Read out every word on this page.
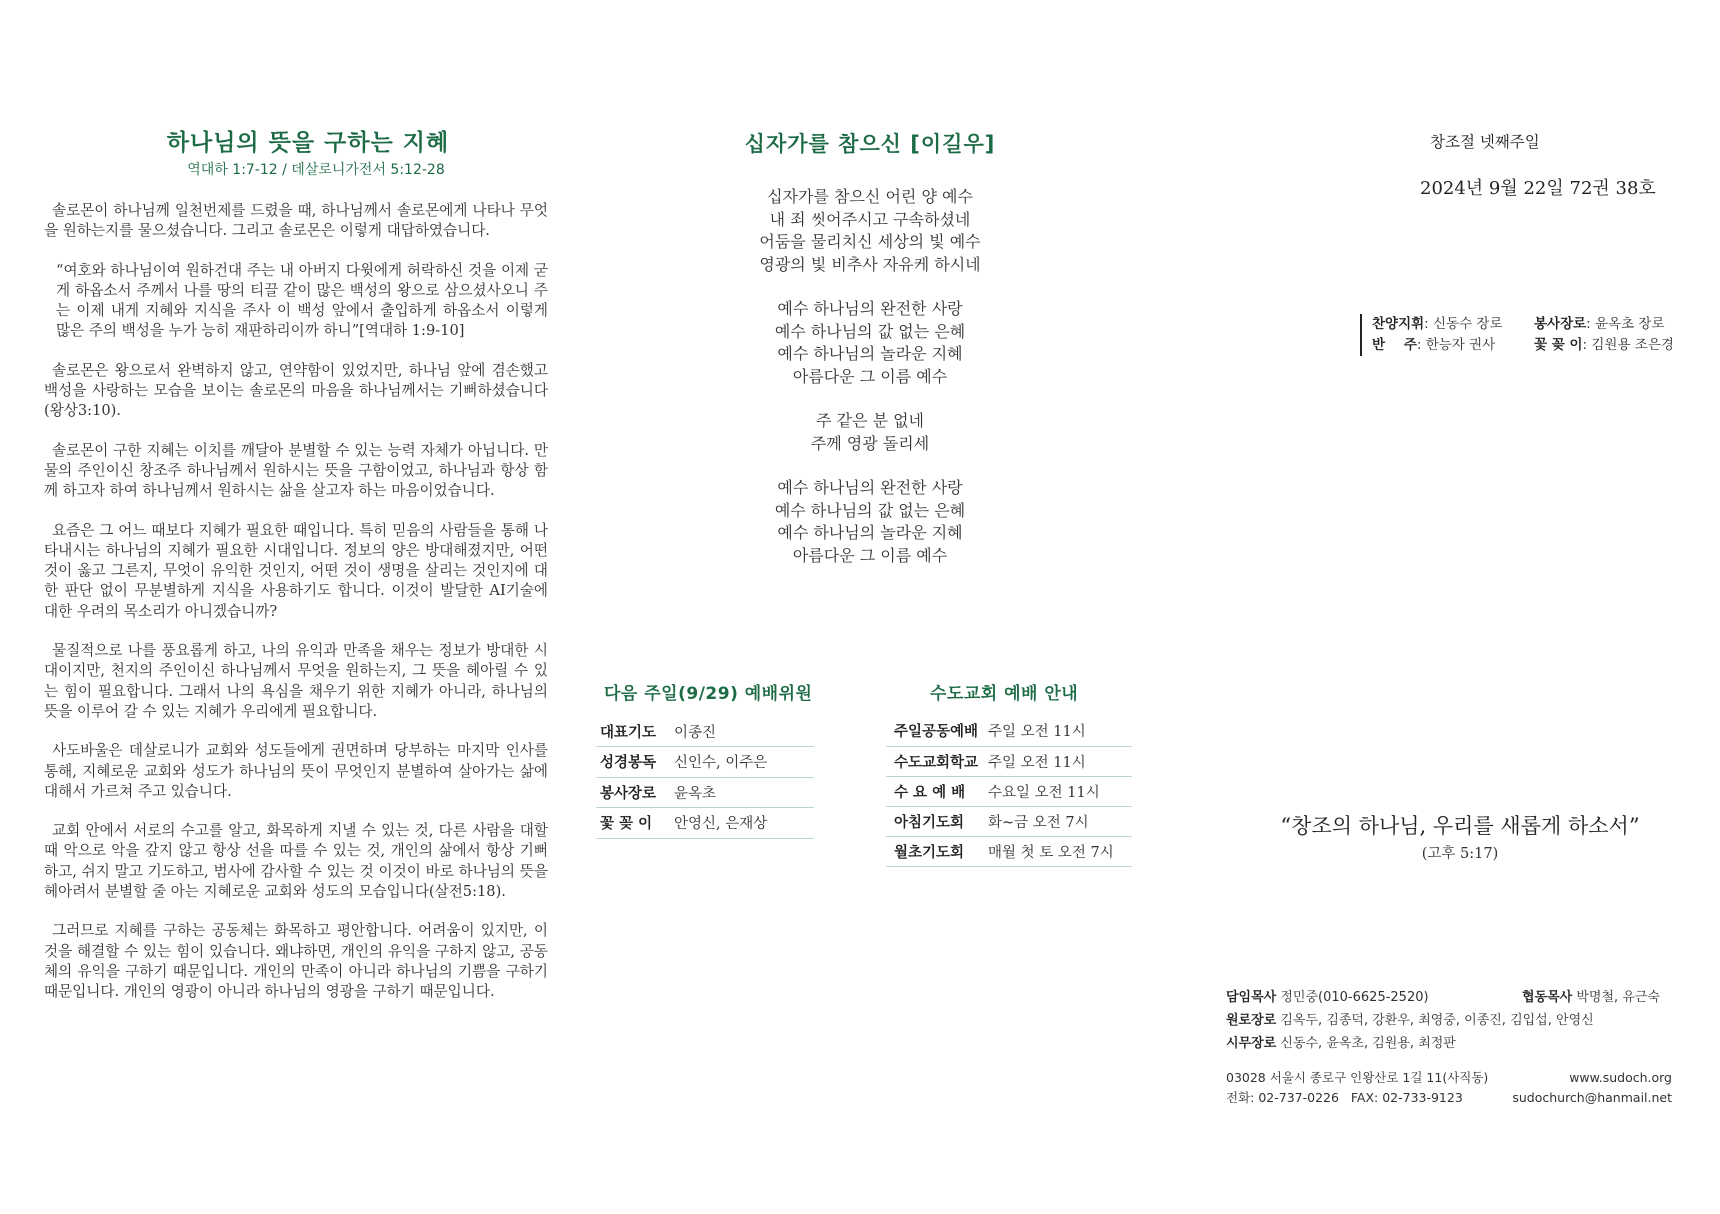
하나님의 뜻을 구하는 지혜
역대하 1:7-12 / 데살로니가전서 5:12-28

솔로몬이 하나님께 일천번제를 드렸을 때, 하나님께서 솔로몬에게 나타나 무엇을 원하는지를 물으셨습니다. 그리고 솔로몬은 이렇게 대답하였습니다.

“여호와 하나님이여 원하건대 주는 내 아버지 다윗에게 허락하신 것을 이제 굳게 하옵소서 주께서 나를 땅의 티끌 같이 많은 백성의 왕으로 삼으셨사오니 주는 이제 내게 지혜와 지식을 주사 이 백성 앞에서 출입하게 하옵소서 이렇게 많은 주의 백성을 누가 능히 재판하리이까 하니”[역대하 1:9-10]

솔로몬은 왕으로서 완벽하지 않고, 연약함이 있었지만, 하나님 앞에 겸손했고 백성을 사랑하는 모습을 보이는 솔로몬의 마음을 하나님께서는 기뻐하셨습니다(왕상3:10).

솔로몬이 구한 지혜는 이치를 깨달아 분별할 수 있는 능력 자체가 아닙니다. 만물의 주인이신 창조주 하나님께서 원하시는 뜻을 구함이었고, 하나님과 항상 함께 하고자 하여 하나님께서 원하시는 삶을 살고자 하는 마음이었습니다.

요즘은 그 어느 때보다 지혜가 필요한 때입니다. 특히 믿음의 사람들을 통해 나타내시는 하나님의 지혜가 필요한 시대입니다. 정보의 양은 방대해졌지만, 어떤 것이 옳고 그른지, 무엇이 유익한 것인지, 어떤 것이 생명을 살리는 것인지에 대한 판단 없이 무분별하게 지식을 사용하기도 합니다. 이것이 발달한 AI기술에 대한 우려의 목소리가 아니겠습니까?

물질적으로 나를 풍요롭게 하고, 나의 유익과 만족을 채우는 정보가 방대한 시대이지만, 천지의 주인이신 하나님께서 무엇을 원하는지, 그 뜻을 헤아릴 수 있는 힘이 필요합니다. 그래서 나의 욕심을 채우기 위한 지혜가 아니라, 하나님의 뜻을 이루어 갈 수 있는 지혜가 우리에게 필요합니다.

사도바울은 데살로니가 교회와 성도들에게 권면하며 당부하는 마지막 인사를 통해, 지혜로운 교회와 성도가 하나님의 뜻이 무엇인지 분별하여 살아가는 삶에 대해서 가르쳐 주고 있습니다.

교회 안에서 서로의 수고를 알고, 화목하게 지낼 수 있는 것, 다른 사람을 대할 때 악으로 악을 갚지 않고 항상 선을 따를 수 있는 것, 개인의 삶에서 항상 기뻐하고, 쉬지 말고 기도하고, 범사에 감사할 수 있는 것 이것이 바로 하나님의 뜻을 헤아려서 분별할 줄 아는 지혜로운 교회와 성도의 모습입니다(살전5:18).

그러므로 지혜를 구하는 공동체는 화목하고 평안합니다. 어려움이 있지만, 이것을 해결할 수 있는 힘이 있습니다. 왜냐하면, 개인의 유익을 구하지 않고, 공동체의 유익을 구하기 때문입니다. 개인의 만족이 아니라 하나님의 기쁨을 구하기 때문입니다. 개인의 영광이 아니라 하나님의 영광을 구하기 때문입니다.

십자가를 참으신 [이길우]
십자가를 참으신 어린 양 예수
내 죄 씻어주시고 구속하셨네
어둠을 물리치신 세상의 빛 예수
영광의 빛 비추사 자유케 하시네
예수 하나님의 완전한 사랑
예수 하나님의 값 없는 은혜
예수 하나님의 놀라운 지혜
아름다운 그 이름 예수
주 같은 분 없네
주께 영광 돌리세
예수 하나님의 완전한 사랑
예수 하나님의 값 없는 은혜
예수 하나님의 놀라운 지혜
아름다운 그 이름 예수
다음 주일(9/29) 예배위원
대표기도	이종진
성경봉독	신인수, 이주은
봉사장로	윤옥초
꽃 꽂 이	안영신, 은재상
수도교회 예배 안내
주일공동예배	주일 오전 11시
수도교회학교	주일 오전 11시
수 요 예 배	수요일 오전 11시
아침기도회	화~금 오전 7시
월초기도회	매월 첫 토 오전 7시
창조절 넷째주일
2024년 9월 22일 72권 38호
찬양지휘 : 신동수 장로 봉사장로 : 윤옥초 장로
반    주 : 한능자 권사	꽃 꽂 이 : 김원용 조은경
“창조의 하나님, 우리를 새롭게 하소서”
(고후 5:17)
담임목사 정민중(010-6625-2520)	협동목사 박명철, 유근숙
원로장로 김옥두, 김종덕, 강환우, 최영중, 이종진, 김입섭, 안영신
시무장로 신동수, 윤옥초, 김원용, 최정판
03028 서울시 종로구 인왕산로 1길 11(사직동)	www.sudoch.org
전화: 02-737-0226   FAX: 02-733-9123	sudochurch@hanmail.net
